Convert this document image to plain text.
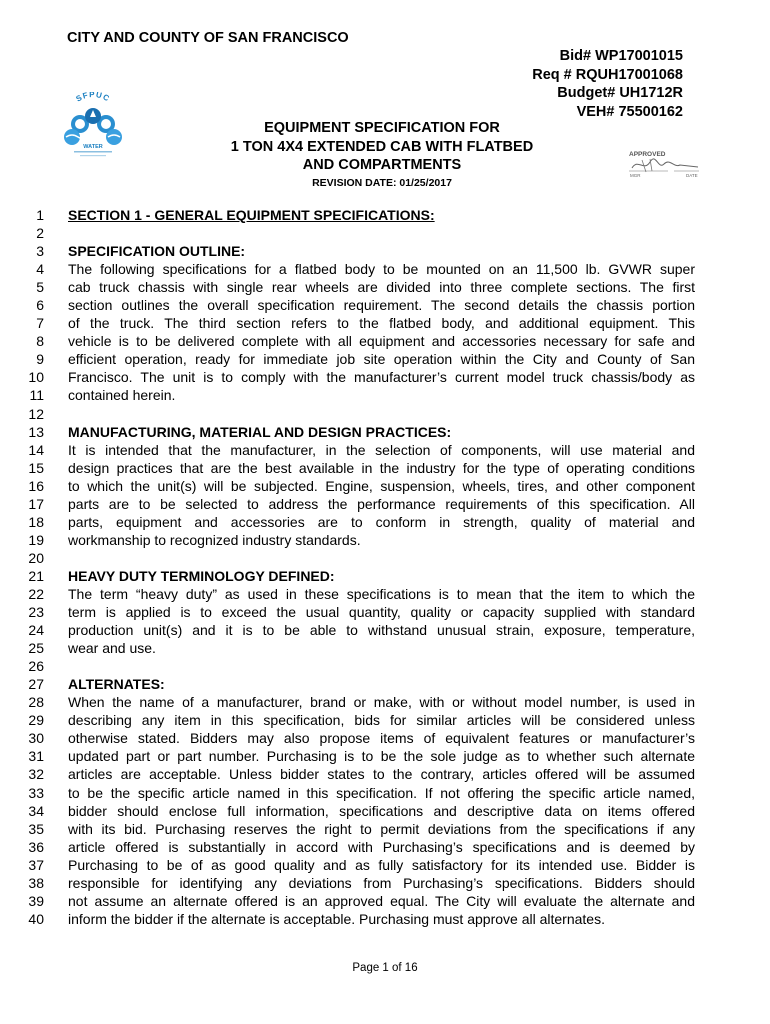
CITY AND COUNTY OF SAN FRANCISCO
Bid# WP17001015
Req # RQUH17001068
Budget# UH1712R
VEH# 75500162
SFPUC
WATER
EQUIPMENT SPECIFICATION FOR
1 TON 4X4 EXTENDED CAB WITH FLATBED
AND COMPARTMENTS
REVISION DATE: 01/25/2017
APPROVED
MGR	DATE
1 SECTION 1 - GENERAL EQUIPMENT SPECIFICATIONS:
2
3 SPECIFICATION OUTLINE:
4 The following specifications for a flatbed body to be mounted on an 11,500 lb. GVWR super
5 cab truck chassis with single rear wheels are divided into three complete sections. The first
6 section outlines the overall specification requirement. The second details the chassis portion
7 of the truck. The third section refers to the flatbed body, and additional equipment. This
8 vehicle is to be delivered complete with all equipment and accessories necessary for safe and
9 efficient operation, ready for immediate job site operation within the City and County of San
10 Francisco. The unit is to comply with the manufacturer’s current model truck chassis/body as
11 contained herein.
12
13 MANUFACTURING, MATERIAL AND DESIGN PRACTICES:
14 It is intended that the manufacturer, in the selection of components, will use material and
15 design practices that are the best available in the industry for the type of operating conditions
16 to which the unit(s) will be subjected. Engine, suspension, wheels, tires, and other component
17 parts are to be selected to address the performance requirements of this specification. All
18 parts, equipment and accessories are to conform in strength, quality of material and
19 workmanship to recognized industry standards.
20
21 HEAVY DUTY TERMINOLOGY DEFINED:
22 The term “heavy duty” as used in these specifications is to mean that the item to which the
23 term is applied is to exceed the usual quantity, quality or capacity supplied with standard
24 production unit(s) and it is to be able to withstand unusual strain, exposure, temperature,
25 wear and use.
26
27 ALTERNATES:
28 When the name of a manufacturer, brand or make, with or without model number, is used in
29 describing any item in this specification, bids for similar articles will be considered unless
30 otherwise stated. Bidders may also propose items of equivalent features or manufacturer’s
31 updated part or part number. Purchasing is to be the sole judge as to whether such alternate
32 articles are acceptable. Unless bidder states to the contrary, articles offered will be assumed
33 to be the specific article named in this specification. If not offering the specific article named,
34 bidder should enclose full information, specifications and descriptive data on items offered
35 with its bid. Purchasing reserves the right to permit deviations from the specifications if any
36 article offered is substantially in accord with Purchasing’s specifications and is deemed by
37 Purchasing to be of as good quality and as fully satisfactory for its intended use. Bidder is
38 responsible for identifying any deviations from Purchasing’s specifications. Bidders should
39 not assume an alternate offered is an approved equal. The City will evaluate the alternate and
40 inform the bidder if the alternate is acceptable. Purchasing must approve all alternates.
Page 1 of 16
